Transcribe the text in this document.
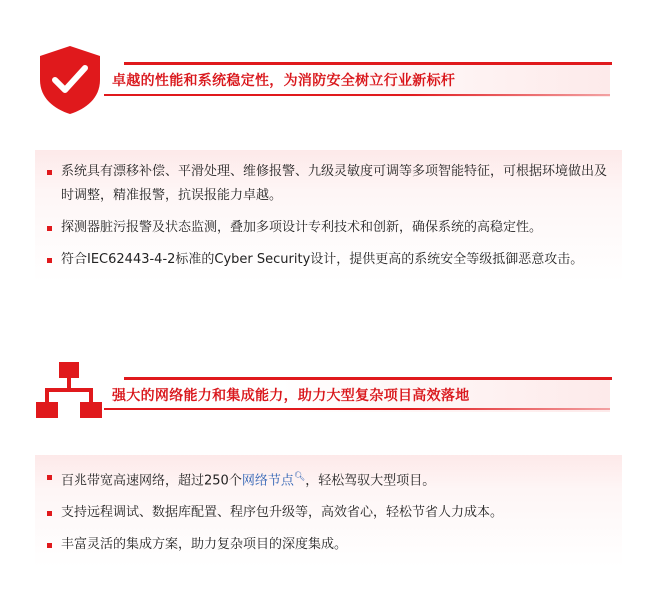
卓越的性能和系统稳定性，为消防安全树立行业新标杆
系统具有漂移补偿、平滑处理、维修报警、九级灵敏度可调等多项智能特征，可根据环境做出及时调整，精准报警，抗误报能力卓越。
探测器脏污报警及状态监测，叠加多项设计专利技术和创新，确保系统的高稳定性。
符合IEC62443-4-2标准的Cyber Security设计，提供更高的系统安全等级抵御恶意攻击。
强大的网络能力和集成能力，助力大型复杂项目高效落地
百兆带宽高速网络，超过250个网络节点🔍︎，轻松驾驭大型项目。
支持远程调试、数据库配置、程序包升级等，高效省心，轻松节省人力成本。
丰富灵活的集成方案，助力复杂项目的深度集成。
